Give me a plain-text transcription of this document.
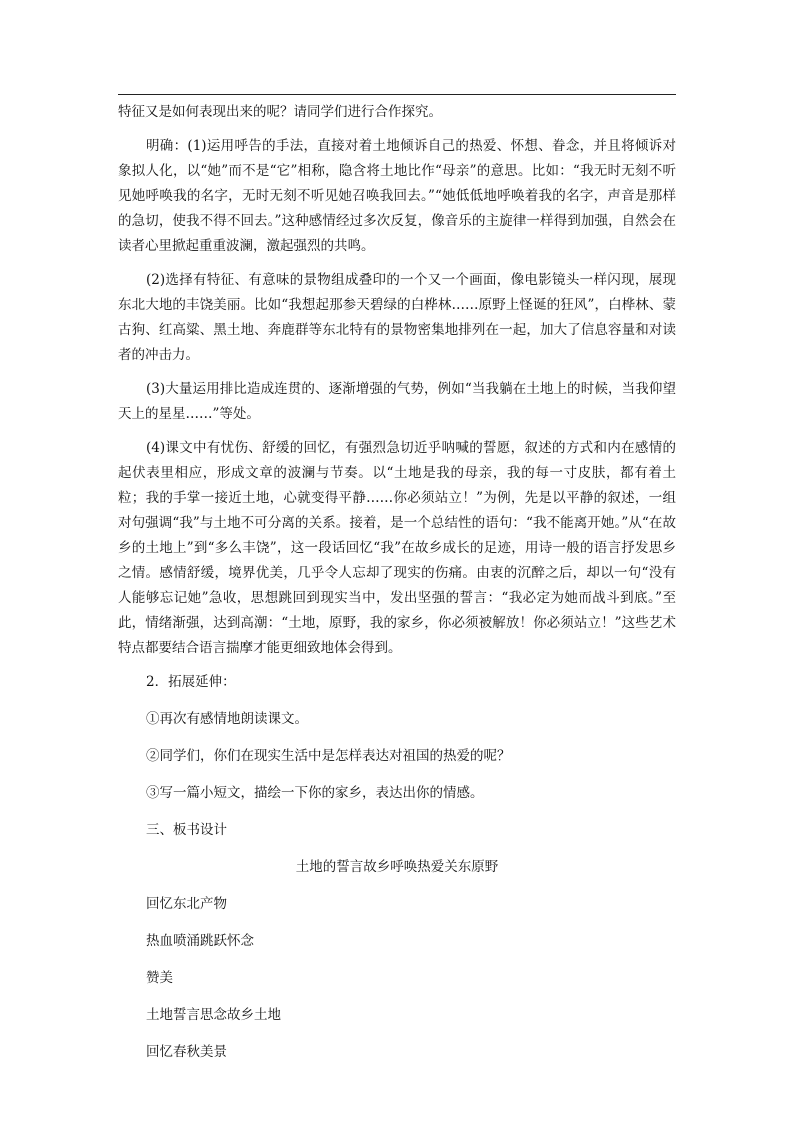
特征又是如何表现出来的呢？请同学们进行合作探究。

明确：(1)运用呼告的手法，直接对着土地倾诉自己的热爱、怀想、眷念，并且将倾诉对象拟人化，以“她”而不是“它”相称，隐含将土地比作“母亲”的意思。比如：“我无时无刻不听见她呼唤我的名字，无时无刻不听见她召唤我回去。”“她低低地呼唤着我的名字，声音是那样的急切，使我不得不回去。”这种感情经过多次反复，像音乐的主旋律一样得到加强，自然会在读者心里掀起重重波澜，激起强烈的共鸣。

(2)选择有特征、有意味的景物组成叠印的一个又一个画面，像电影镜头一样闪现，展现东北大地的丰饶美丽。比如“我想起那参天碧绿的白桦林……原野上怪诞的狂风”，白桦林、蒙古狗、红高粱、黑土地、奔鹿群等东北特有的景物密集地排列在一起，加大了信息容量和对读者的冲击力。

(3)大量运用排比造成连贯的、逐渐增强的气势，例如“当我躺在土地上的时候，当我仰望天上的星星……”等处。

(4)课文中有忧伤、舒缓的回忆，有强烈急切近乎呐喊的誓愿，叙述的方式和内在感情的起伏表里相应，形成文章的波澜与节奏。以“土地是我的母亲，我的每一寸皮肤，都有着土粒；我的手掌一接近土地，心就变得平静……你必须站立！”为例，先是以平静的叙述，一组对句强调“我”与土地不可分离的关系。接着，是一个总结性的语句：“我不能离开她。”从“在故乡的土地上”到“多么丰饶”，这一段话回忆“我”在故乡成长的足迹，用诗一般的语言抒发思乡之情。感情舒缓，境界优美，几乎令人忘却了现实的伤痛。由衷的沉醉之后，却以一句“没有人能够忘记她”急收，思想跳回到现实当中，发出坚强的誓言：“我必定为她而战斗到底。”至此，情绪渐强，达到高潮：“土地，原野，我的家乡，你必须被解放！你必须站立！”这些艺术特点都要结合语言揣摩才能更细致地体会得到。

2．拓展延伸：

①再次有感情地朗读课文。

②同学们，你们在现实生活中是怎样表达对祖国的热爱的呢？

③写一篇小短文，描绘一下你的家乡，表达出你的情感。

三、板书设计

土地的誓言故乡呼唤热爱关东原野

回忆东北产物

热血喷涌跳跃怀念

赞美

土地誓言思念故乡土地

回忆春秋美景
